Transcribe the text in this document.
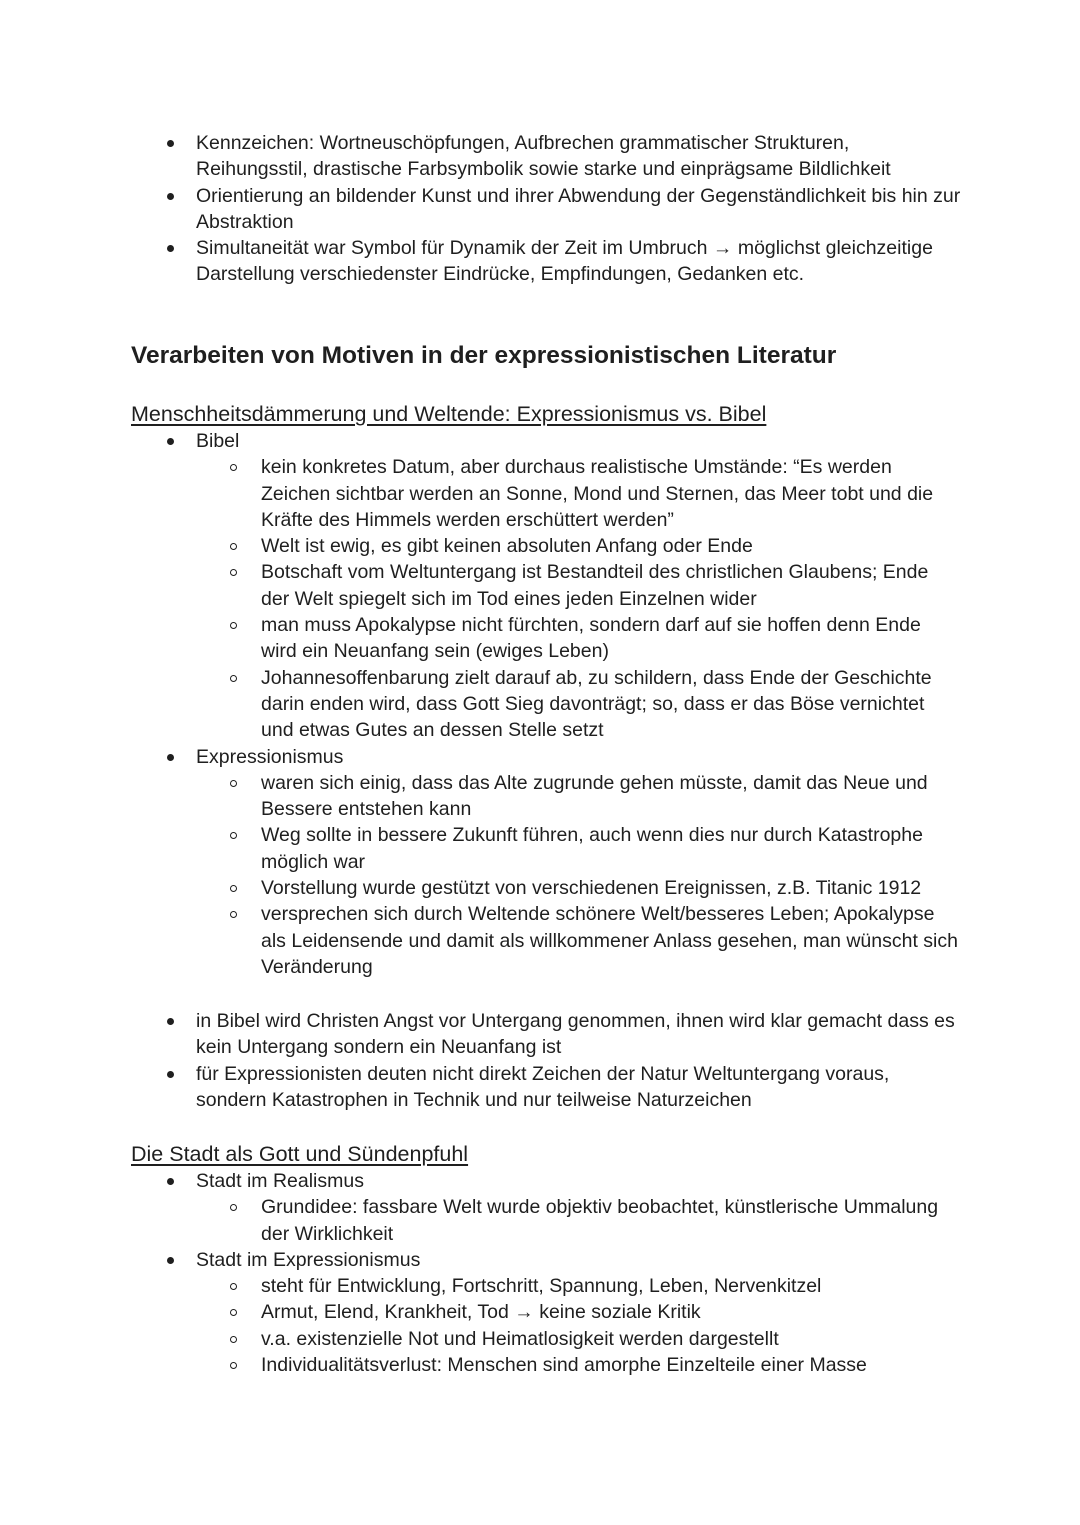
Kennzeichen: Wortneuschöpfungen, Aufbrechen grammatischer Strukturen, Reihungsstil, drastische Farbsymbolik sowie starke und einprägsame Bildlichkeit
Orientierung an bildender Kunst und ihrer Abwendung der Gegenständlichkeit bis hin zur Abstraktion
Simultaneität war Symbol für Dynamik der Zeit im Umbruch → möglichst gleichzeitige Darstellung verschiedenster Eindrücke, Empfindungen, Gedanken etc.
Verarbeiten von Motiven in der expressionistischen Literatur
Menschheitsdämmerung und Weltende: Expressionismus vs. Bibel
Bibel
kein konkretes Datum, aber durchaus realistische Umstände: “Es werden Zeichen sichtbar werden an Sonne, Mond und Sternen, das Meer tobt und die Kräfte des Himmels werden erschüttert werden”
Welt ist ewig, es gibt keinen absoluten Anfang oder Ende
Botschaft vom Weltuntergang ist Bestandteil des christlichen Glaubens; Ende der Welt spiegelt sich im Tod eines jeden Einzelnen wider
man muss Apokalypse nicht fürchten, sondern darf auf sie hoffen denn Ende wird ein Neuanfang sein (ewiges Leben)
Johannesoffenbarung zielt darauf ab, zu schildern, dass Ende der Geschichte darin enden wird, dass Gott Sieg davonträgt; so, dass er das Böse vernichtet und etwas Gutes an dessen Stelle setzt
Expressionismus
waren sich einig, dass das Alte zugrunde gehen müsste, damit das Neue und Bessere entstehen kann
Weg sollte in bessere Zukunft führen, auch wenn dies nur durch Katastrophe möglich war
Vorstellung wurde gestützt von verschiedenen Ereignissen, z.B. Titanic 1912
versprechen sich durch Weltende schönere Welt/besseres Leben; Apokalypse als Leidensende und damit als willkommener Anlass gesehen, man wünscht sich Veränderung
in Bibel wird Christen Angst vor Untergang genommen, ihnen wird klar gemacht dass es kein Untergang sondern ein Neuanfang ist
für Expressionisten deuten nicht direkt Zeichen der Natur Weltuntergang voraus, sondern Katastrophen in Technik und nur teilweise Naturzeichen
Die Stadt als Gott und Sündenpfuhl
Stadt im Realismus
Grundidee: fassbare Welt wurde objektiv beobachtet, künstlerische Ummalung der Wirklichkeit
Stadt im Expressionismus
steht für Entwicklung, Fortschritt, Spannung, Leben, Nervenkitzel
Armut, Elend, Krankheit, Tod → keine soziale Kritik
v.a. existenzielle Not und Heimatlosigkeit werden dargestellt
Individualitätsverlust: Menschen sind amorphe Einzelteile einer Masse
